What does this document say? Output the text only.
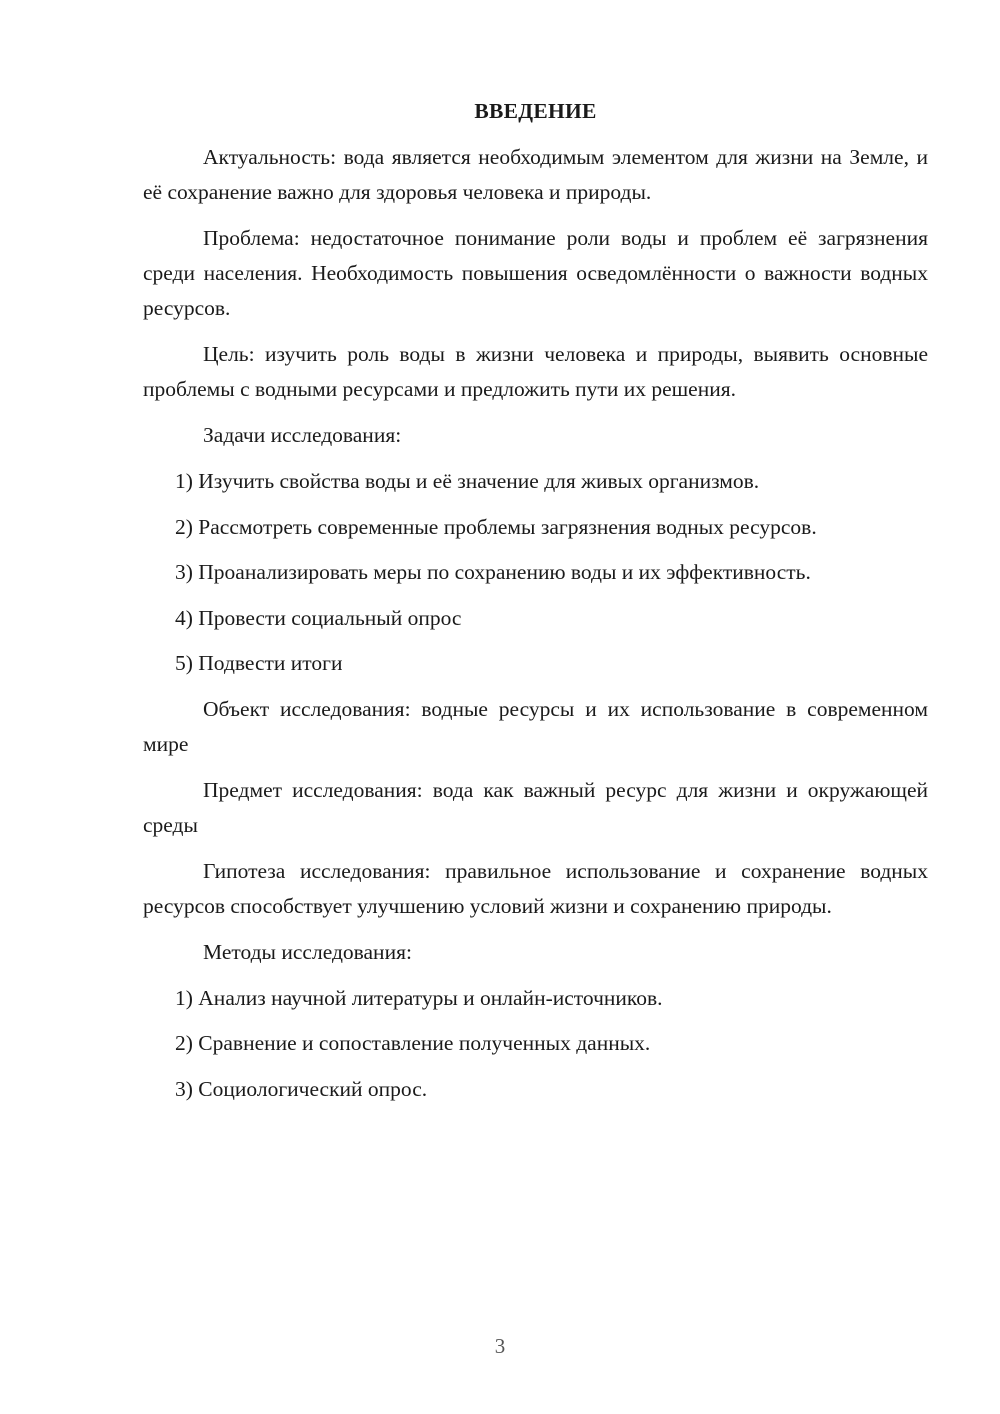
ВВЕДЕНИЕ

Актуальность: вода является необходимым элементом для жизни на Земле, и её сохранение важно для здоровья человека и природы.

Проблема: недостаточное понимание роли воды и проблем её загрязнения среди населения. Необходимость повышения осведомлённости о важности водных ресурсов.

Цель: изучить роль воды в жизни человека и природы, выявить основные проблемы с водными ресурсами и предложить пути их решения.

Задачи исследования:

1) Изучить свойства воды и её значение для живых организмов.
2) Рассмотреть современные проблемы загрязнения водных ресурсов.
3) Проанализировать меры по сохранению воды и их эффективность.
4) Провести социальный опрос
5) Подвести итоги

Объект исследования: водные ресурсы и их использование в современном мире

Предмет исследования: вода как важный ресурс для жизни и окружающей среды

Гипотеза исследования: правильное использование и сохранение водных ресурсов способствует улучшению условий жизни и сохранению природы.

Методы исследования:

1) Анализ научной литературы и онлайн-источников.
2) Сравнение и сопоставление полученных данных.
3) Социологический опрос.
3
